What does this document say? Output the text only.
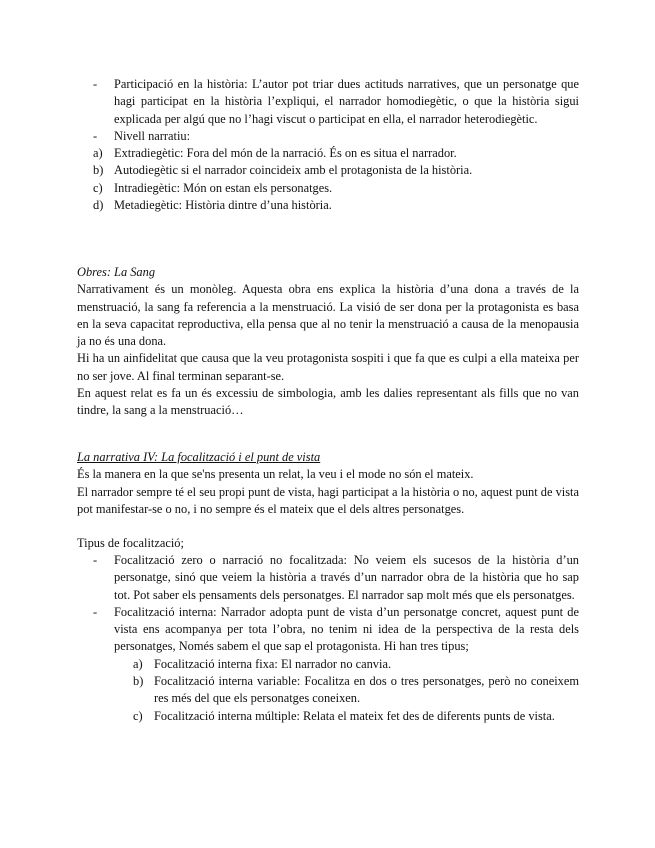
- Participació en la història: L’autor pot triar dues actituds narratives, que un personatge que hagi participat en la història l’expliqui, el narrador homodiegètic, o que la història sigui explicada per algú que no l’hagi viscut o participat en ella, el narrador heterodiegètic.
- Nivell narratiu:
a) Extradiegètic: Fora del món de la narració. És on es situa el narrador.
b) Autodiegètic si el narrador coincideix amb el protagonista de la història.
c) Intradiegètic: Món on estan els personatges.
d) Metadiegètic: Història dintre d’una història.

Obres: La Sang

Narrativament és un monòleg. Aquesta obra ens explica la història d’una dona a través de la menstruació, la sang fa referencia a la menstruació. La visió de ser dona per la protagonista es basa en la seva capacitat reproductiva, ella pensa que al no tenir la menstruació a causa de la menopausia ja no és una dona.

Hi ha un ainfidelitat que causa que la veu protagonista sospiti i que fa que es culpi a ella mateixa per no ser jove. Al final terminan separant-se.

En aquest relat es fa un és excessiu de simbologia, amb les dalies representant als fills que no van tindre, la sang a la menstruació…

La narrativa IV: La focalització i el punt de vista

És la manera en la que se'ns presenta un relat, la veu i el mode no són el mateix.

El narrador sempre té el seu propi punt de vista, hagi participat a la història o no, aquest punt de vista pot manifestar-se o no, i no sempre és el mateix que el dels altres personatges.

Tipus de focalització;

- Focalització zero o narració no focalitzada: No veiem els sucesos de la història d’un personatge, sinó que veiem la història a través d’un narrador obra de la història que ho sap tot. Pot saber els pensaments dels personatges. El narrador sap molt més que els personatges.
- Focalització interna: Narrador adopta punt de vista d’un personatge concret, aquest punt de vista ens acompanya per tota l’obra, no tenim ni idea de la perspectiva de la resta dels personatges, Només sabem el que sap el protagonista. Hi han tres tipus;
a) Focalització interna fixa: El narrador no canvia.
b) Focalització interna variable: Focalitza en dos o tres personatges, però no coneixem res més del que els personatges coneixen.
c) Focalització interna múltiple: Relata el mateix fet des de diferents punts de vista.
